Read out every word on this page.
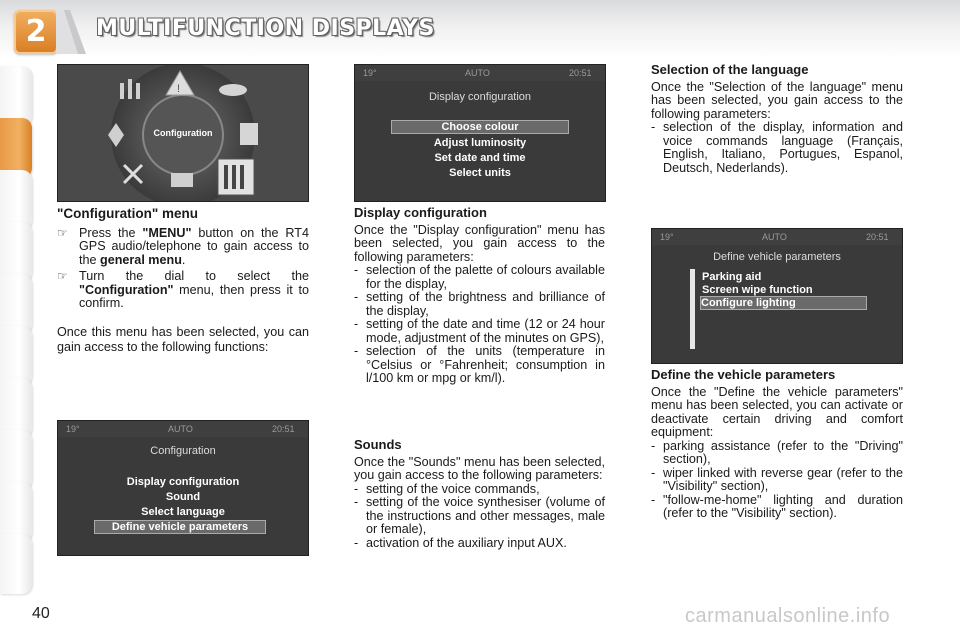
2	MULTIFUNCTION DISPLAYS
!
Configuration
"Configuration" menu
☞ Press the "MENU" button on the RT4 GPS audio/telephone to gain access to the general menu.
☞ Turn the dial to select the "Configuration" menu, then press it to confirm.

Once this menu has been selected, you can gain access to the following functions:

19°	AUTO	20:51
Configuration
Display configuration
Sound
Select language
Define vehicle parameters
19°	AUTO	20:51
Display configuration
Choose colour
Adjust luminosity
Set date and time
Select units
Display configuration

Once the "Display configuration" menu has been selected, you gain access to the following parameters:

- selection of the palette of colours available for the display,
- setting of the brightness and brilliance of the display,
- setting of the date and time (12 or 24 hour mode, adjustment of the minutes on GPS),
- selection of the units (temperature in °Celsius or °Fahrenheit; consumption in l/100 km or mpg or km/l).
Sounds

Once the "Sounds" menu has been selected, you gain access to the following parameters:

- setting of the voice commands,
- setting of the voice synthesiser (volume of the instructions and other messages, male or female),
- activation of the auxiliary input AUX.
Selection of the language

Once the "Selection of the language" menu has been selected, you gain access to the following parameters:

- selection of the display, information and voice commands language (Français, English, Italiano, Portugues, Espanol, Deutsch, Nederlands).
19°	AUTO	20:51
Define vehicle parameters
Parking aid
Screen wipe function
Configure lighting
Define the vehicle parameters

Once the "Define the vehicle parameters" menu has been selected, you can activate or deactivate certain driving and comfort equipment:

- parking assistance (refer to the "Driving" section),
- wiper linked with reverse gear (refer to the "Visibility" section),
- "follow-me-home" lighting and duration (refer to the "Visibility" section).
40	carmanualsonline.info
